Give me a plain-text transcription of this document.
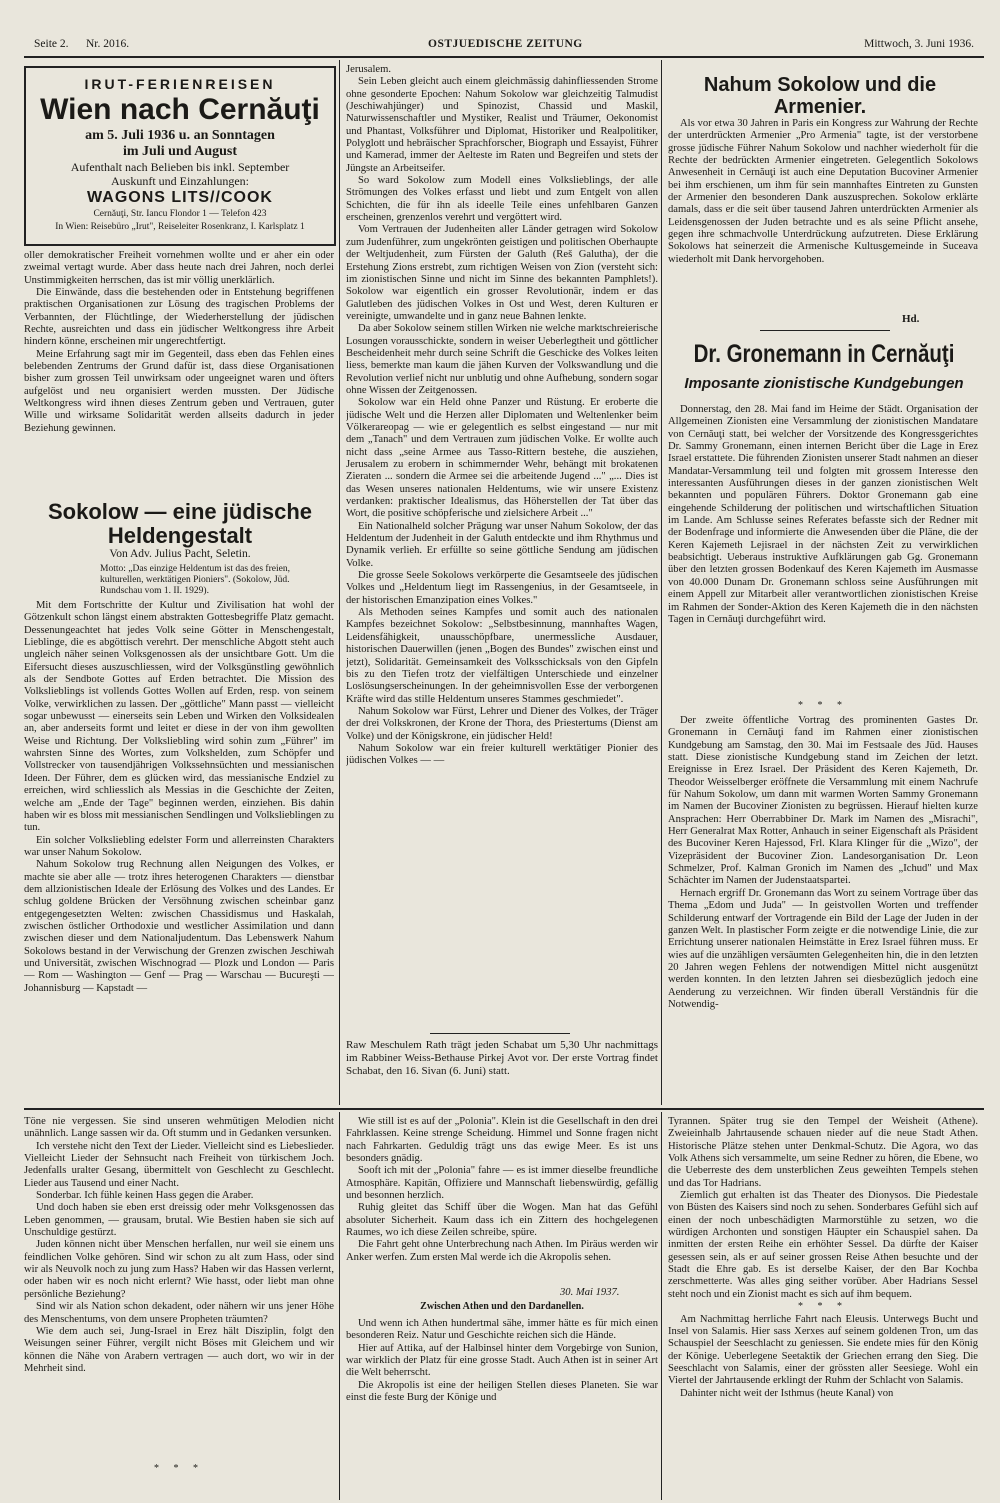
Seite 2. Nr. 2016.	OSTJUEDISCHE ZEITUNG	Mittwoch, 3. Juni 1936.
IRUT-FERIENREISEN
Wien nach Cernăuţi
am 5. Juli 1936 u. an Sonntagen
im Juli und August
Aufenthalt nach Belieben bis inkl. September
Auskunft und Einzahlungen:
WAGONS LITS//COOK
Cernăuţi, Str. Iancu Flondor 1 — Telefon 423
In Wien: Reisebüro „Irut", Reiseleiter Rosenkranz, I. Karlsplatz 1

oller demokratischer Freiheit vornehmen wollte und er aher ein oder zweimal vertagt wurde. Aber dass heute nach drei Jahren, noch derlei Unstimmigkeiten herrschen, das ist mir völlig unerklärlich.

Die Einwände, dass die bestehenden oder in Entstehung begriffenen praktischen Organisationen zur Lösung des tragischen Problems der Verbannten, der Flüchtlinge, der Wiederherstellung der jüdischen Rechte, ausreichten und dass ein jüdischer Weltkongress ihre Arbeit hindern könne, erscheinen mir ungerechtfertigt.

Meine Erfahrung sagt mir im Gegenteil, dass eben das Fehlen eines belebenden Zentrums der Grund dafür ist, dass diese Organisationen bisher zum grossen Teil unwirksam oder ungeeignet waren und öfters aufgelöst und neu organisiert werden mussten. Der Jüdische Weltkongress wird ihnen dieses Zentrum geben und Vertrauen, guter Wille und wirksame Solidarität werden allseits dadurch in jeder Beziehung gewinnen.

Sokolow — eine jüdische Heldengestalt
Von Adv. Julius Pacht, Seletin.
Motto: „Das einzige Heldentum ist das des freien, kulturellen, werktätigen Pioniers". (Sokolow, Jüd. Rundschau vom 1. II. 1929).

Mit dem Fortschritte der Kultur und Zivilisation hat wohl der Götzenkult schon längst einem abstrakten Gottesbegriffe Platz gemacht. Dessenungeachtet hat jedes Volk seine Götter in Menschengestalt, Lieblinge, die es abgöttisch verehrt. Der menschliche Abgott steht auch ungleich näher seinen Volksgenossen als der unsichtbare Gott. Um die Eifersucht dieses auszuschliessen, wird der Volksgünstling gewöhnlich als der Sendbote Gottes auf Erden betrachtet. Die Mission des Volkslieblings ist vollends Gottes Wollen auf Erden, resp. von seinem Volke, verwirklichen zu lassen. Der „göttliche" Mann passt — vielleicht sogar unbewusst — einerseits sein Leben und Wirken den Volksidealen an, aber anderseits formt und leitet er diese in der von ihm gewollten Weise und Richtung. Der Volksliebling wird sohin zum „Führer" im wahrsten Sinne des Wortes, zum Volkshelden, zum Schöpfer und Vollstrecker von tausendjährigen Volkssehnsüchten und messianischen Ideen. Der Führer, dem es glücken wird, das messianische Endziel zu erreichen, wird schliesslich als Messias in die Geschichte der Zeiten, welche am „Ende der Tage" beginnen werden, einziehen. Bis dahin haben wir es bloss mit messianischen Sendlingen und Volkslieblingen zu tun.

Ein solcher Volksliebling edelster Form und allerreinsten Charakters war unser Nahum Sokolow.

Nahum Sokolow trug Rechnung allen Neigungen des Volkes, er machte sie aber alle — trotz ihres heterogenen Charakters — dienstbar dem allzionistischen Ideale der Erlösung des Volkes und des Landes. Er schlug goldene Brücken der Versöhnung zwischen scheinbar ganz entgegengesetzten Welten: zwischen Chassidismus und Haskalah, zwischen östlicher Orthodoxie und westlicher Assimilation und dann zwischen dieser und dem Nationaljudentum. Das Lebenswerk Nahum Sokolows bestand in der Verwischung der Grenzen zwischen Jeschiwah und Universität, zwischen Wischnograd — Plozk und London — Paris — Rom — Washington — Genf — Prag — Warschau — Bucureşti — Johannisburg — Kapstadt —

Jerusalem.

Sein Leben gleicht auch einem gleichmässig dahinfliessenden Strome ohne gesonderte Epochen: Nahum Sokolow war gleichzeitig Talmudist (Jeschiwahjünger) und Spinozist, Chassid und Maskil, Naturwissenschaftler und Mystiker, Realist und Träumer, Oekonomist und Phantast, Volksführer und Diplomat, Historiker und Realpolitiker, Polyglott und hebräischer Sprachforscher, Biograph und Essayist, Führer und Kamerad, immer der Aelteste im Raten und Begreifen und stets der Jüngste an Arbeitseifer.

So ward Sokolow zum Modell eines Volkslieblings, der alle Strömungen des Volkes erfasst und liebt und zum Entgelt von allen Schichten, die für ihn als ideelle Teile eines unfehlbaren Ganzen erscheinen, grenzenlos verehrt und vergöttert wird.

Vom Vertrauen der Judenheiten aller Länder getragen wird Sokolow zum Judenführer, zum ungekrönten geistigen und politischen Oberhaupte der Weltjudenheit, zum Fürsten der Galuth (Reš Galutha), der die Erstehung Zions erstrebt, zum richtigen Weisen von Zion (versteht sich: im zionistischen Sinne und nicht im Sinne des bekannten Pamphlets!). Sokolow war eigentlich ein grosser Revolutionär, indem er das Galutleben des jüdischen Volkes in Ost und West, deren Kulturen er vereinigte, umwandelte und in ganz neue Bahnen lenkte.

Da aber Sokolow seinem stillen Wirken nie welche marktschreierische Losungen vorausschickte, sondern in weiser Ueberlegtheit und göttlicher Bescheidenheit mehr durch seine Schrift die Geschicke des Volkes leiten liess, bemerkte man kaum die jähen Kurven der Volkswandlung und die Revolution verlief nicht nur unblutig und ohne Aufhebung, sondern sogar ohne Wissen der Zeitgenossen.

Sokolow war ein Held ohne Panzer und Rüstung. Er eroberte die jüdische Welt und die Herzen aller Diplomaten und Weltenlenker beim Völkerareopag — wie er gelegentlich es selbst eingestand — nur mit dem „Tanach" und dem Vertrauen zum jüdischen Volke. Er wollte auch nicht dass „seine Armee aus Tasso-Rittern bestehe, die ausziehen, Jerusalem zu erobern in schimmernder Wehr, behängt mit brokatenen Zieraten ... sondern die Armee sei die arbeitende Jugend ..." „... Dies ist das Wesen unseres nationalen Heldentums, wie wir unsere Existenz verdanken: praktischer Idealismus, das Höherstellen der Tat über das Wort, die positive schöpferische und zielsichere Arbeit ..."

Ein Nationalheld solcher Prägung war unser Nahum Sokolow, der das Heldentum der Judenheit in der Galuth entdeckte und ihm Rhythmus und Dynamik verlieh. Er erfüllte so seine göttliche Sendung am jüdischen Volke.

Die grosse Seele Sokolows verkörperte die Gesamtseele des jüdischen Volkes und „Heldentum liegt im Rassengenius, in der Gesamtseele, in der historischen Emanzipation eines Volkes."

Als Methoden seines Kampfes und somit auch des nationalen Kampfes bezeichnet Sokolow: „Selbstbesinnung, mannhaftes Wagen, Leidensfähigkeit, unausschöpfbare, unermessliche Ausdauer, historischen Dauerwillen (jenen „Bogen des Bundes" zwischen einst und jetzt), Solidarität. Gemeinsamkeit des Volksschicksals von den Gipfeln bis zu den Tiefen trotz der vielfältigen Unterschiede und einzelner Loslösungserscheinungen. In der geheimnisvollen Esse der verborgenen Kräfte wird das stille Heldentum unseres Stammes geschmiedet".

Nahum Sokolow war Fürst, Lehrer und Diener des Volkes, der Träger der drei Volkskronen, der Krone der Thora, des Priestertums (Dienst am Volke) und der Königskrone, ein jüdischer Held!

Nahum Sokolow war ein freier kulturell werktätiger Pionier des jüdischen Volkes — —

Raw Meschulem Rath trägt jeden Schabat um 5,30 Uhr nachmittags im Rabbiner Weiss-Bethause Pirkej Avot vor. Der erste Vortrag findet Schabat, den 16. Sivan (6. Juni) statt.
Nahum Sokolow und die Armenier.

Als vor etwa 30 Jahren in Paris ein Kongress zur Wahrung der Rechte der unterdrückten Armenier „Pro Armenia" tagte, ist der verstorbene grosse jüdische Führer Nahum Sokolow und nachher wiederholt für die Rechte der bedrückten Armenier eingetreten. Gelegentlich Sokolows Anwesenheit in Cernăuţi ist auch eine Deputation Bucoviner Armenier bei ihm erschienen, um ihm für sein mannhaftes Eintreten zu Gunsten der Armenier den besonderen Dank auszusprechen. Sokolow erklärte damals, dass er die seit über tausend Jahren unterdrückten Armenier als Leidensgenossen der Juden betrachte und es als seine Pflicht ansehe, gegen ihre schmachvolle Unterdrückung aufzutreten. Diese Erklärung Sokolows hat seinerzeit die Armenische Kultusgemeinde in Suceava wiederholt mit Dank hervorgehoben.

Hd.
Dr. Gronemann in Cernăuţi
Imposante zionistische Kundgebungen

Donnerstag, den 28. Mai fand im Heime der Städt. Organisation der Allgemeinen Zionisten eine Versammlung der zionistischen Mandatare von Cernăuţi statt, bei welcher der Vorsitzende des Kongressgerichtes Dr. Sammy Gronemann, einen internen Bericht über die Lage in Erez Israel erstattete. Die führenden Zionisten unserer Stadt nahmen an dieser Mandatar-Versammlung teil und folgten mit grossem Interesse den interessanten Ausführungen dieses in der ganzen zionistischen Welt bekannten und populären Führers. Doktor Gronemann gab eine eingehende Schilderung der politischen und wirtschaftlichen Situation im Lande. Am Schlusse seines Referates befasste sich der Redner mit der Bodenfrage und informierte die Anwesenden über die Pläne, die der Keren Kajemeth Lejisrael in der nächsten Zeit zu verwirklichen beabsichtigt. Ueberaus instruktive Aufklärungen gab Gg. Gronemann über den letzten grossen Bodenkauf des Keren Kajemeth im Ausmasse von 40.000 Dunam Dr. Gronemann schloss seine Ausführungen mit einem Appell zur Mitarbeit aller verantwortlichen zionistischen Kreise im Rahmen der Sonder-Aktion des Keren Kajemeth die in den nächsten Tagen in Cernăuţi durchgeführt wird.

* * *

Der zweite öffentliche Vortrag des prominenten Gastes Dr. Gronemann in Cernăuţi fand im Rahmen einer zionistischen Kundgebung am Samstag, den 30. Mai im Festsaale des Jüd. Hauses statt. Diese zionistische Kundgebung stand im Zeichen der letzt. Ereignisse in Erez Israel. Der Präsident des Keren Kajemeth, Dr. Theodor Weisselberger eröffnete die Versammlung mit einem Nachrufe für Nahum Sokolow, um dann mit warmen Worten Sammy Gronemann im Namen der Bucoviner Zionisten zu begrüssen. Hierauf hielten kurze Ansprachen: Herr Oberrabbiner Dr. Mark im Namen des „Misrachi", Herr Generalrat Max Rotter, Anhauch in seiner Eigenschaft als Präsident des Bucoviner Keren Hajessod, Frl. Klara Klinger für die „Wizo", der Vizepräsident der Bucoviner Zion. Landesorganisation Dr. Leon Schmelzer, Prof. Kalman Gronich im Namen des „Ichud" und Max Schächter im Namen der Judenstaatspartei.

Hernach ergriff Dr. Gronemann das Wort zu seinem Vortrage über das Thema „Edom und Juda" — In geistvollen Worten und treffender Schilderung entwarf der Vortragende ein Bild der Lage der Juden in der ganzen Welt. In plastischer Form zeigte er die notwendige Linie, die zur Errichtung unserer nationalen Heimstätte in Erez Israel führen muss. Er wies auf die unzähligen versäumten Gelegenheiten hin, die in den letzten 20 Jahren wegen Fehlens der notwendigen Mittel nicht ausgenützt werden konnten. In den letzten Jahren sei diesbezüglich jedoch eine Aenderung zu verzeichnen. Wir finden überall Verständnis für die Notwendig-

Töne nie vergessen. Sie sind unseren wehmütigen Melodien nicht unähnlich. Lange sassen wir da. Oft stumm und in Gedanken versunken.

Ich verstehe nicht den Text der Lieder. Vielleicht sind es Liebeslieder. Vielleicht Lieder der Sehnsucht nach Freiheit von türkischem Joch. Jedenfalls uralter Gesang, übermittelt von Geschlecht zu Geschlecht. Lieder aus Tausend und einer Nacht.

Sonderbar. Ich fühle keinen Hass gegen die Araber.

Und doch haben sie eben erst dreissig oder mehr Volksgenossen das Leben genommen, — grausam, brutal. Wie Bestien haben sie sich auf Unschuldige gestürzt.

Juden können nicht über Menschen herfallen, nur weil sie einem uns feindlichen Volke gehören. Sind wir schon zu alt zum Hass, oder sind wir als Neuvolk noch zu jung zum Hass? Haben wir das Hassen verlernt, oder haben wir es noch nicht erlernt? Wie hasst, oder liebt man ohne persönliche Beziehung?

Sind wir als Nation schon dekadent, oder nähern wir uns jener Höhe des Menschentums, von dem unsere Propheten träumten?

Wie dem auch sei, Jung-Israel in Erez hält Disziplin, folgt den Weisungen seiner Führer, vergilt nicht Böses mit Gleichem und wir können die Nähe von Arabern vertragen — auch dort, wo wir in der Mehrheit sind.

* * *

Wie still ist es auf der „Polonia". Klein ist die Gesellschaft in den drei Fahrklassen. Keine strenge Scheidung. Himmel und Sonne fragen nicht nach Fahrkarten. Geduldig trägt uns das ewige Meer. Es ist uns besonders gnädig.

Sooft ich mit der „Polonia" fahre — es ist immer dieselbe freundliche Atmosphäre. Kapitän, Offiziere und Mannschaft liebenswürdig, gefällig und besonnen herzlich.

Ruhig gleitet das Schiff über die Wogen. Man hat das Gefühl absoluter Sicherheit. Kaum dass ich ein Zittern des hochgelegenen Raumes, wo ich diese Zeilen schreibe, spüre.

Die Fahrt geht ohne Unterbrechung nach Athen. Im Piräus werden wir Anker werfen. Zum ersten Mal werde ich die Akropolis sehen.

30. Mai 1937.
Zwischen Athen und den Dardanellen.

Und wenn ich Athen hundertmal sähe, immer hätte es für mich einen besonderen Reiz. Natur und Geschichte reichen sich die Hände.

Hier auf Attika, auf der Halbinsel hinter dem Vorgebirge von Sunion, war wirklich der Platz für eine grosse Stadt. Auch Athen ist in seiner Art die Welt beherrscht.

Die Akropolis ist eine der heiligen Stellen dieses Planeten. Sie war einst die feste Burg der Könige und

Tyrannen. Später trug sie den Tempel der Weisheit (Athene). Zweieinhalb Jahrtausende schauen nieder auf die neue Stadt Athen. Historische Plätze stehen unter Denkmal-Schutz. Die Agora, wo das Volk Athens sich versammelte, um seine Redner zu hören, die Ebene, wo die Ueberreste des dem unsterblichen Zeus geweihten Tempels stehen und das Tor Hadrians.

Ziemlich gut erhalten ist das Theater des Dionysos. Die Piedestale von Büsten des Kaisers sind noch zu sehen. Sonderbares Gefühl sich auf einen der noch unbeschädigten Marmorstühle zu setzen, wo die würdigen Archonten und sonstigen Häupter ein Schauspiel sahen. Da inmitten der ersten Reihe ein erhöhter Sessel. Da dürfte der Kaiser gesessen sein, als er auf seiner grossen Reise Athen besuchte und der Stadt die Ehre gab. Es ist derselbe Kaiser, der den Bar Kochba zerschmetterte. Was alles ging seither vorüber. Aber Hadrians Sessel steht noch und ein Zionist macht es sich auf ihm bequem.

* * *

Am Nachmittag herrliche Fahrt nach Eleusis. Unterwegs Bucht und Insel von Salamis. Hier sass Xerxes auf seinem goldenen Tron, um das Schauspiel der Seeschlacht zu geniessen. Sie endete mies für den König der Könige. Ueberlegene Seetaktik der Griechen errang den Sieg. Die Seeschlacht von Salamis, einer der grössten aller Seesiege. Wohl ein Viertel der Jahrtausende erklingt der Ruhm der Schlacht von Salamis.

Dahinter nicht weit der Isthmus (heute Kanal) von
